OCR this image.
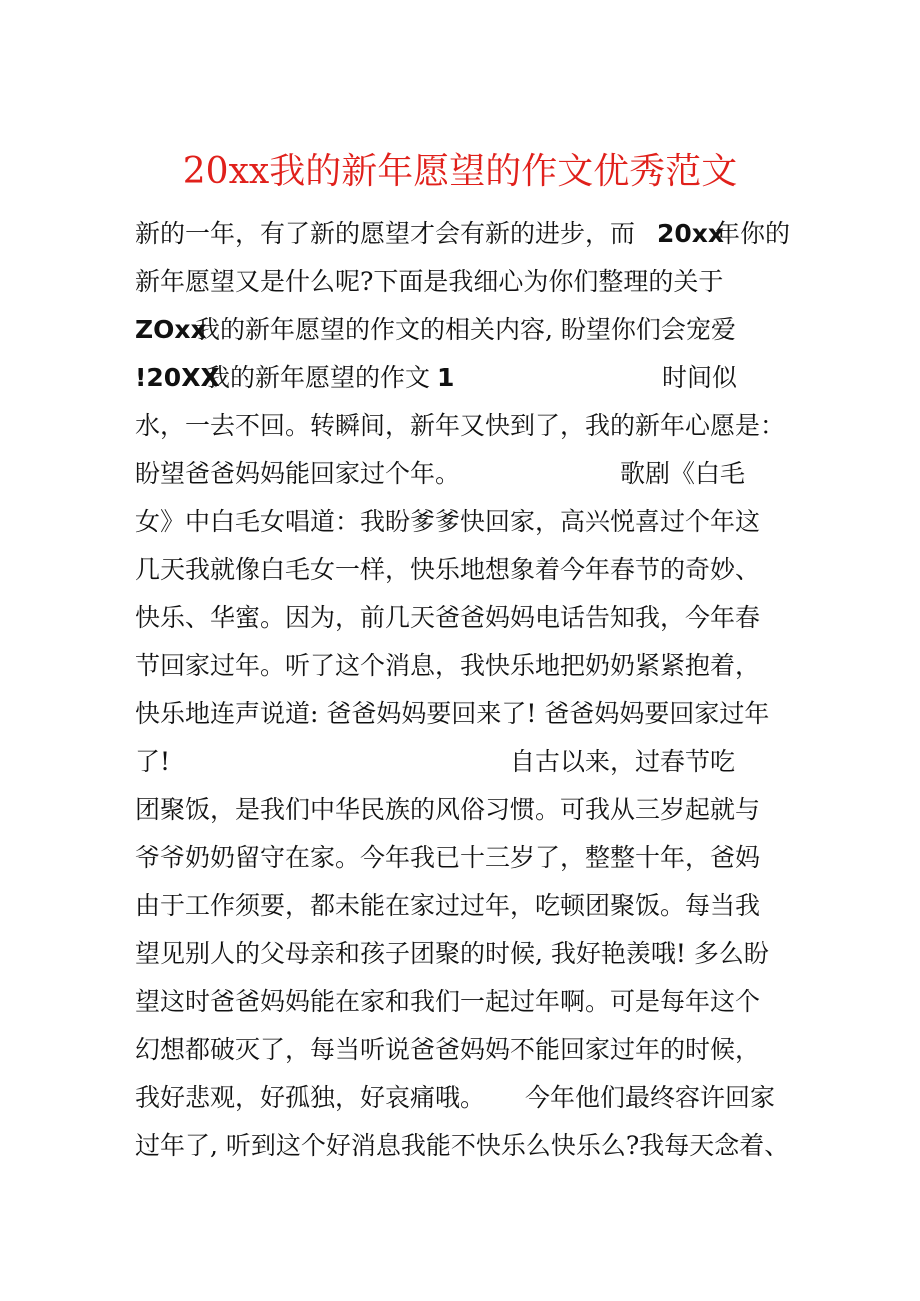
20xx我的新年愿望的作文优秀范文
新的一年，有了新的愿望才会有新的进步，而 20xx
年你的
新年愿望又是什么呢?下面是我细心为你们整理的关于
ZOxx
我的新年愿望的作文的相关内容, 盼望你们会宠爱
!20XX
我的新年愿望的作文 1	时间似
水，一去不回。转瞬间，新年又快到了，我的新年心愿是：
盼望爸爸妈妈能回家过个年。	歌剧《白毛
女》中白毛女唱道：我盼爹爹快回家，高兴悦喜过个年这
几天我就像白毛女一样，快乐地想象着今年春节的奇妙、
快乐、华蜜。因为，前几天爸爸妈妈电话告知我，今年春
节回家过年。听了这个消息，我快乐地把奶奶紧紧抱着，
快乐地连声说道: 爸爸妈妈要回来了! 爸爸妈妈要回家过年
了!	自古以来，过春节吃
团聚饭，是我们中华民族的风俗习惯。可我从三岁起就与
爷爷奶奶留守在家。今年我已十三岁了，整整十年，爸妈
由于工作须要，都未能在家过过年，吃顿团聚饭。每当我
望见别人的父母亲和孩子团聚的时候, 我好艳羡哦! 多么盼
望这时爸爸妈妈能在家和我们一起过年啊。可是每年这个
幻想都破灭了，每当听说爸爸妈妈不能回家过年的时候，
我好悲观，好孤独，好哀痛哦。 今年他们最终容许回家
过年了, 听到这个好消息我能不快乐么快乐么?我每天念着、
